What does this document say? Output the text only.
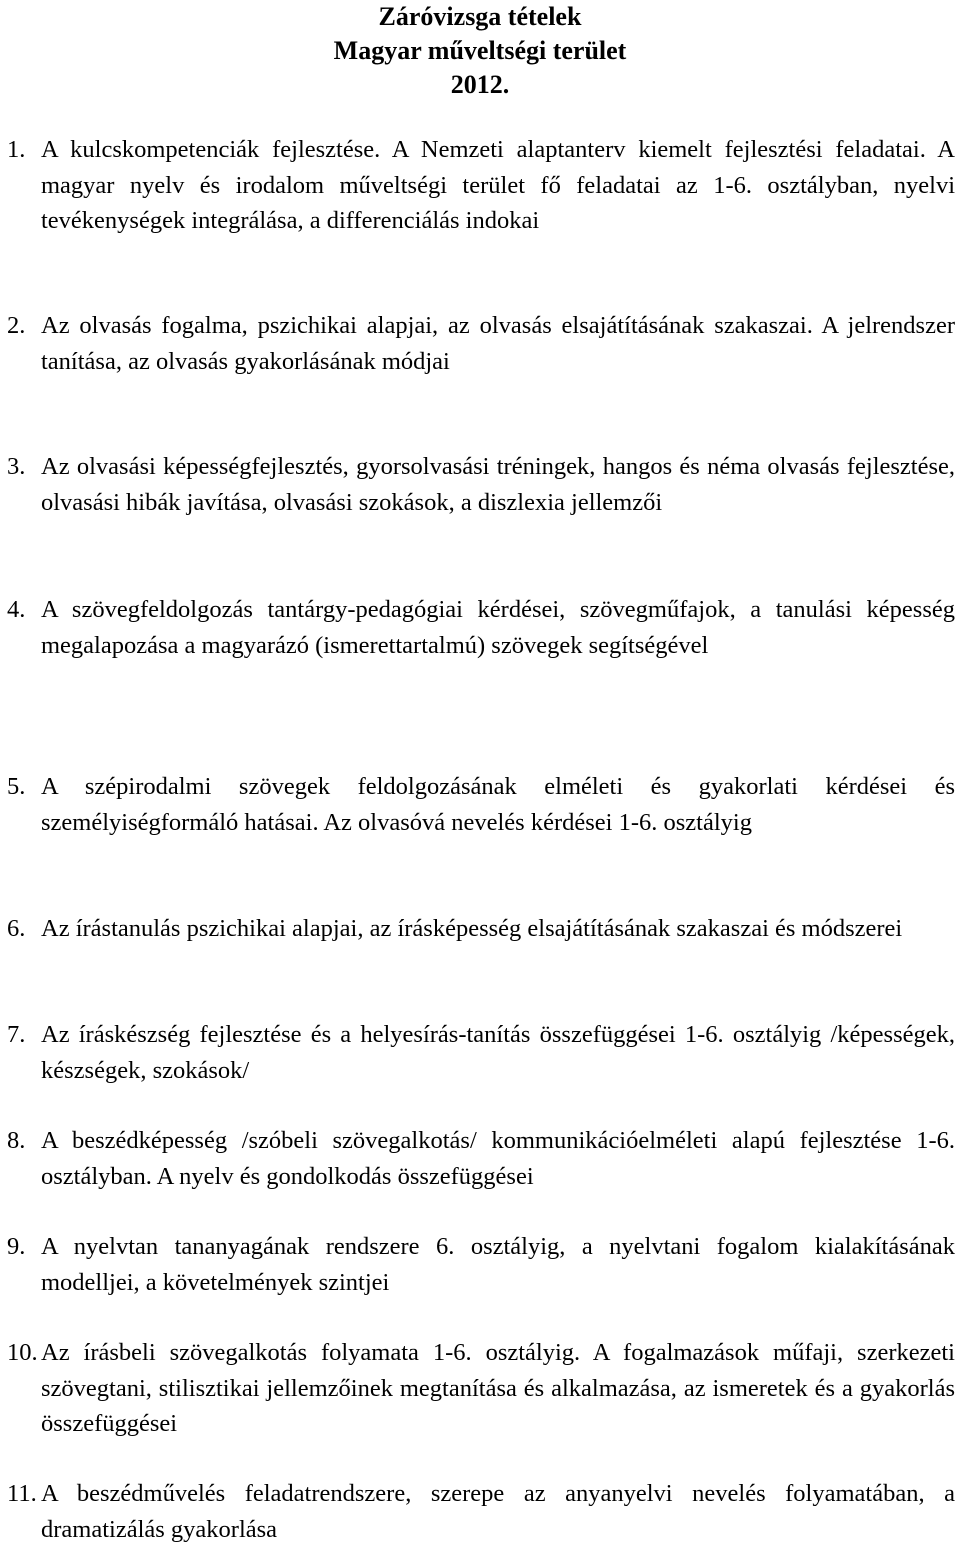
Záróvizsga tételek
Magyar műveltségi terület
2012.
1. A kulcskompetenciák fejlesztése. A Nemzeti alaptanterv kiemelt fejlesztési feladatai. A magyar nyelv és irodalom műveltségi terület fő feladatai az 1-6. osztályban, nyelvi tevékenységek integrálása, a differenciálás indokai
2. Az olvasás fogalma, pszichikai alapjai, az olvasás elsajátításának szakaszai. A jelrendszer tanítása, az olvasás gyakorlásának módjai
3. Az olvasási képességfejlesztés, gyorsolvasási tréningek, hangos és néma olvasás fejlesztése, olvasási hibák javítása, olvasási szokások, a diszlexia jellemzői
4. A szövegfeldolgozás tantárgy-pedagógiai kérdései, szövegműfajok, a tanulási képesség megalapozása a magyarázó (ismerettartalmú) szövegek segítségével
5. A szépirodalmi szövegek feldolgozásának elméleti és gyakorlati kérdései és személyiségformáló hatásai. Az olvasóvá nevelés kérdései 1-6. osztályig
6. Az írástanulás pszichikai alapjai, az írásképesség elsajátításának szakaszai és módszerei
7. Az íráskészség fejlesztése és a helyesírás-tanítás összefüggései 1-6. osztályig /képességek, készségek, szokások/
8. A beszédképesség /szóbeli szövegalkotás/ kommunikációelméleti alapú fejlesztése 1-6. osztályban. A nyelv és gondolkodás összefüggései
9. A nyelvtan tananyagának rendszere 6. osztályig, a nyelvtani fogalom kialakításának modelljei, a követelmények szintjei
10. Az írásbeli szövegalkotás folyamata 1-6. osztályig. A fogalmazások műfaji, szerkezeti szövegtani, stilisztikai jellemzőinek megtanítása és alkalmazása, az ismeretek és a gyakorlás összefüggései
11. A beszédművelés feladatrendszere, szerepe az anyanyelvi nevelés folyamatában, a dramatizálás gyakorlása
